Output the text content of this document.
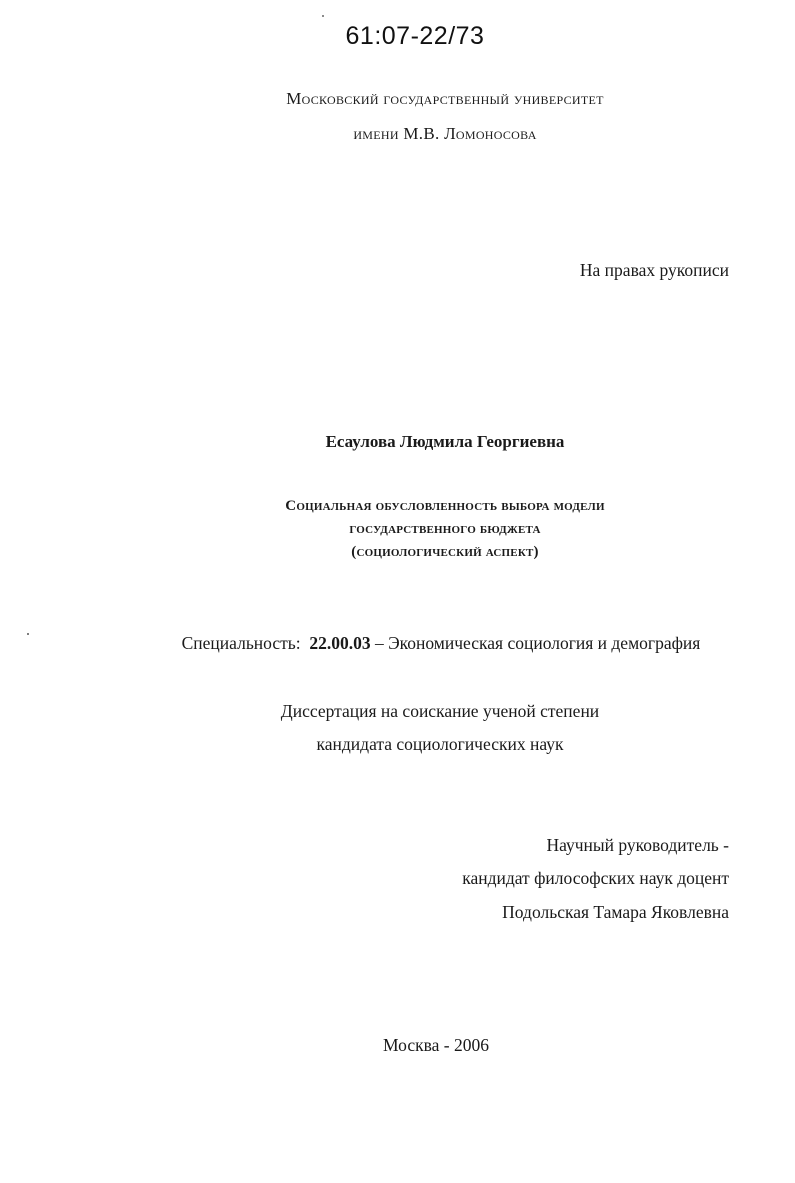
61:07-22/73
Московский государственный университет
имени М.В. Ломоносова
На правах рукописи
Есаулова Людмила Георгиевна
Социальная обусловленность выбора модели
государственного бюджета
(социологический аспект)
Специальность: 22.00.03 – Экономическая социология и демография
Диссертация на соискание ученой степени
кандидата социологических наук
Научный руководитель -
кандидат философских наук доцент
Подольская Тамара Яковлевна
Москва - 2006
